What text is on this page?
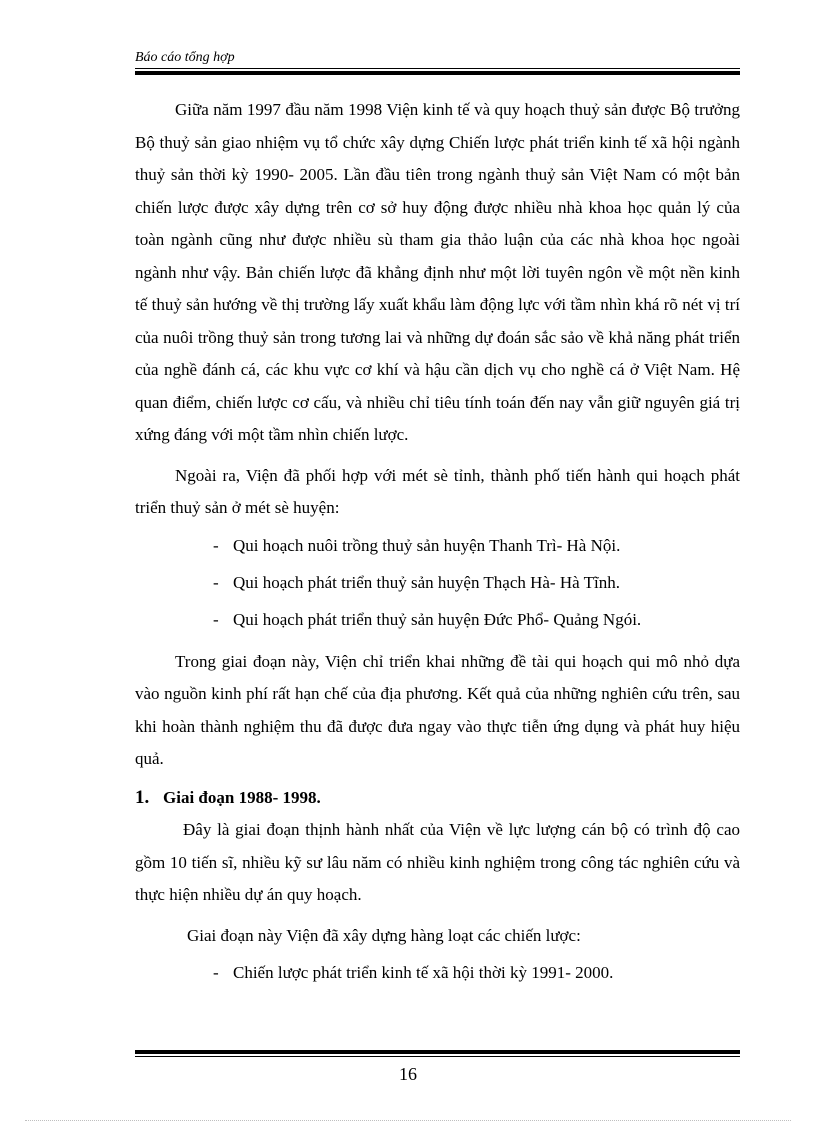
Báo cáo tổng hợp

Giữa năm 1997 đầu năm 1998 Viện kinh tế và quy hoạch thuỷ sản được Bộ trưởng Bộ thuỷ sản giao nhiệm vụ tổ chức xây dựng Chiến lược phát triển kinh tế xã hội ngành thuỷ sản thời kỳ 1990- 2005. Lần đầu tiên trong ngành thuỷ sản Việt Nam có một bản chiến lược được xây dựng trên cơ sở huy động được nhiều nhà khoa học quản lý của toàn ngành cũng như được nhiều sù tham gia thảo luận của các nhà khoa học ngoài ngành như vậy. Bản chiến lược đã khẳng định như một lời tuyên ngôn về một nền kinh tế thuỷ sản hướng về thị trường lấy xuất khẩu làm động lực với tầm nhìn khá rõ nét vị trí của nuôi trồng thuỷ sản trong tương lai và những dự đoán sắc sảo về khả năng phát triển của nghề đánh cá, các khu vực cơ khí và hậu cần dịch vụ cho nghề cá ở Việt Nam. Hệ quan điểm, chiến lược cơ cấu, và nhiều chỉ tiêu tính toán đến nay vẫn giữ nguyên giá trị xứng đáng với một tầm nhìn chiến lược.

Ngoài ra, Viện đã phối hợp với mét sè tỉnh, thành phố tiến hành qui hoạch phát triển thuỷ sản ở mét sè huyện:

- Qui hoạch nuôi trồng thuỷ sản huyện Thanh Trì- Hà Nội.
- Qui hoạch phát triển thuỷ sản huyện Thạch Hà- Hà Tĩnh.
- Qui hoạch phát triển thuỷ sản huyện Đức Phổ- Quảng Ngói.

Trong giai đoạn này, Viện chỉ triển khai những đề tài qui hoạch qui mô nhỏ dựa vào nguồn kinh phí rất hạn chế của địa phương. Kết quả của những nghiên cứu trên, sau khi hoàn thành nghiệm thu đã được đưa ngay vào thực tiễn ứng dụng và phát huy hiệu quả.

1. Giai đoạn 1988- 1998.

Đây là giai đoạn thịnh hành nhất của Viện về lực lượng cán bộ có trình độ cao gồm 10 tiến sĩ, nhiều kỹ sư lâu năm có nhiều kinh nghiệm trong công tác nghiên cứu và thực hiện nhiều dự án quy hoạch.

Giai đoạn này Viện đã xây dựng hàng loạt các chiến lược:

- Chiến lược phát triển kinh tế xã hội thời kỳ 1991- 2000.
16
